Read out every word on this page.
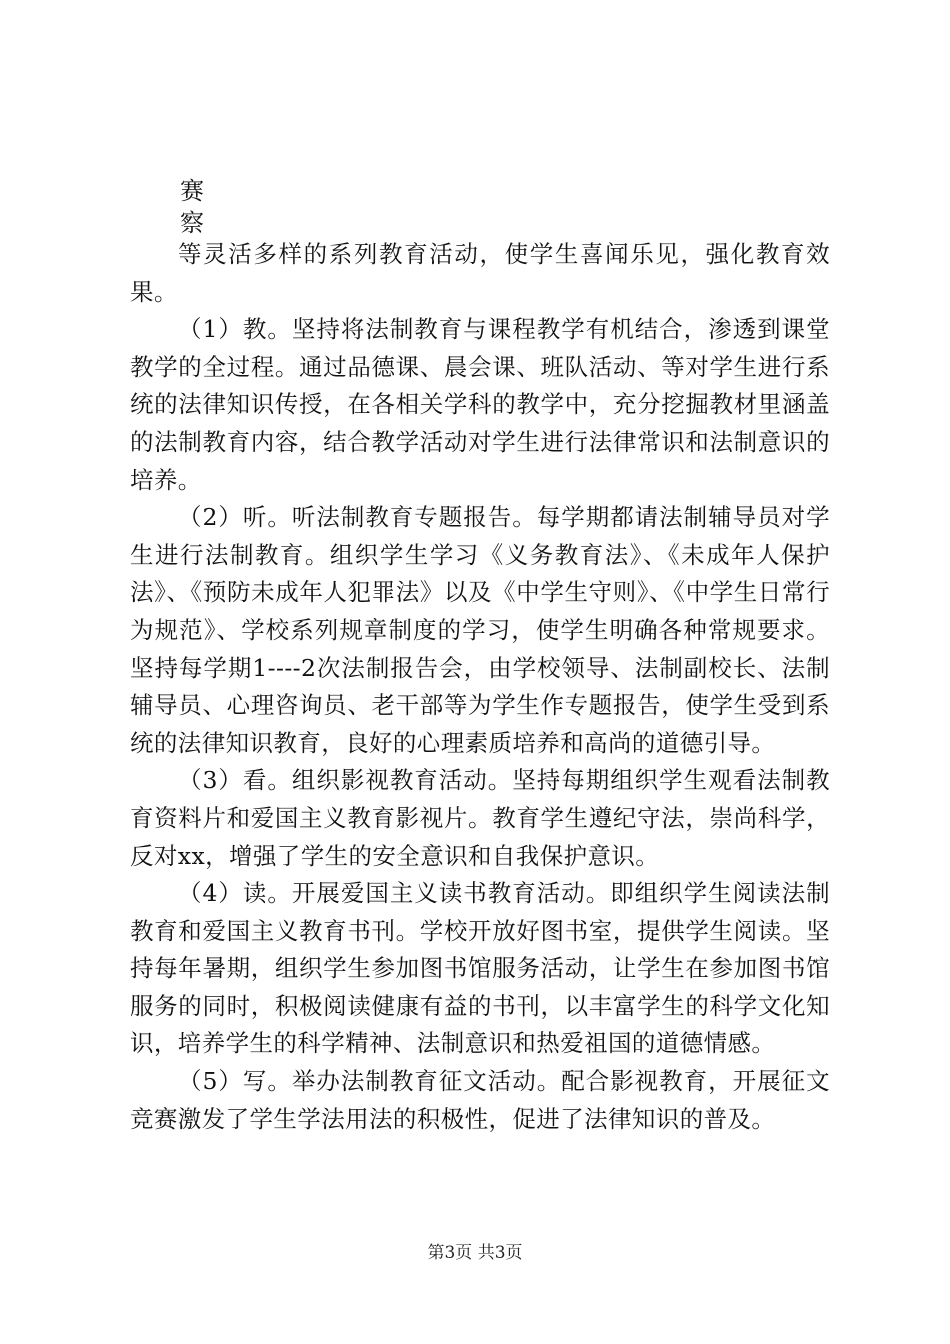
赛
察

等灵活多样的系列教育活动，使学生喜闻乐见，强化教育效果。

（1）教。坚持将法制教育与课程教学有机结合，渗透到课堂教学的全过程。通过品德课、晨会课、班队活动、等对学生进行系统的法律知识传授，在各相关学科的教学中，充分挖掘教材里涵盖的法制教育内容，结合教学活动对学生进行法律常识和法制意识的培养。

（2）听。听法制教育专题报告。每学期都请法制辅导员对学生进行法制教育。组织学生学习《义务教育法》、《未成年人保护法》、《预防未成年人犯罪法》以及《中学生守则》、《中学生日常行为规范》、学校系列规章制度的学习，使学生明确各种常规要求。坚持每学期1----2次法制报告会，由学校领导、法制副校长、法制辅导员、心理咨询员、老干部等为学生作专题报告，使学生受到系统的法律知识教育，良好的心理素质培养和高尚的道德引导。

（3）看。组织影视教育活动。坚持每期组织学生观看法制教育资料片和爱国主义教育影视片。教育学生遵纪守法，崇尚科学，反对xx，增强了学生的安全意识和自我保护意识。

（4）读。开展爱国主义读书教育活动。即组织学生阅读法制教育和爱国主义教育书刊。学校开放好图书室，提供学生阅读。坚持每年暑期，组织学生参加图书馆服务活动，让学生在参加图书馆服务的同时，积极阅读健康有益的书刊，以丰富学生的科学文化知识，培养学生的科学精神、法制意识和热爱祖国的道德情感。

（5）写。举办法制教育征文活动。配合影视教育，开展征文竞赛激发了学生学法用法的积极性，促进了法律知识的普及。

第3页 共3页
